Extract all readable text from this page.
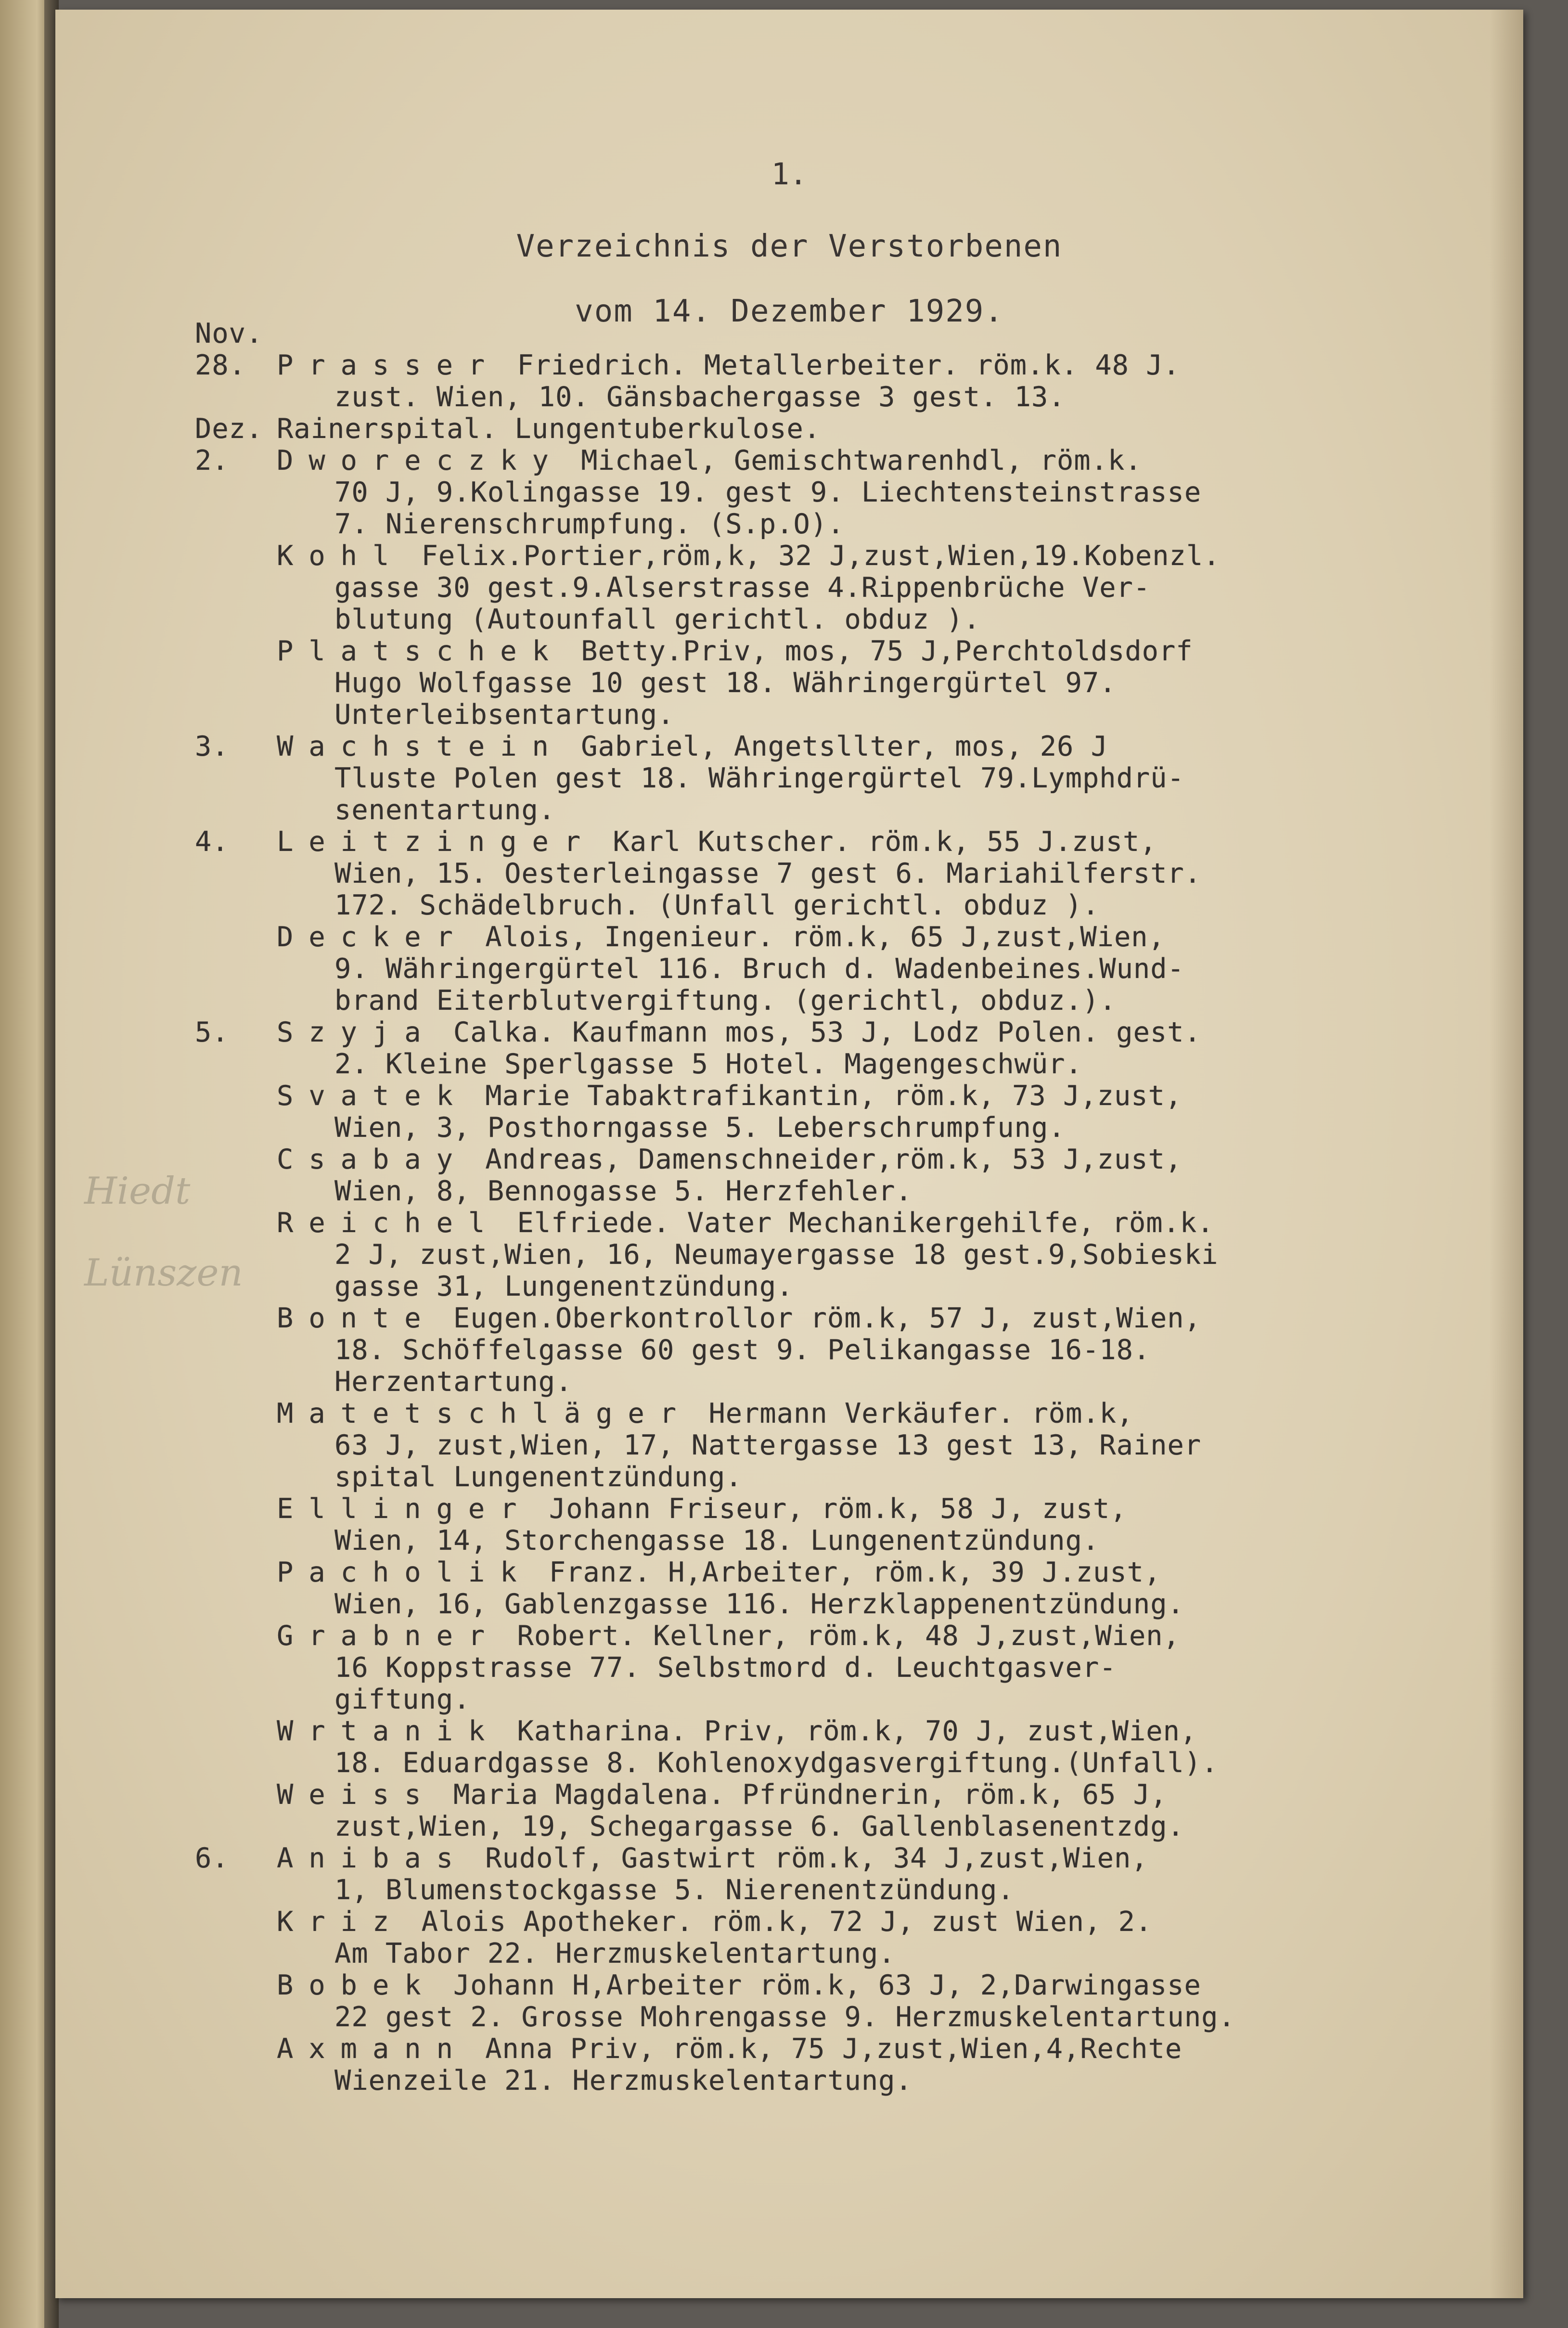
1.
Verzeichnis der Verstorbenen
vom 14. Dezember 1929.
Hiedt
Lünszen
Nov.
28. Prasser Friedrich. Metallerbeiter. röm.k. 48 J.
zust. Wien, 10. Gänsbachergasse 3 gest. 13.
Dez. Rainerspital. Lungentuberkulose.
2. Dworeczky Michael, Gemischtwarenhdl, röm.k.
70 J, 9.Kolingasse 19. gest 9. Liechtensteinstrasse
7. Nierenschrumpfung. (S.p.O).
Kohl Felix.Portier,röm,k, 32 J,zust,Wien,19.Kobenzl.
gasse 30 gest.9.Alserstrasse 4.Rippenbrüche Ver-
blutung (Autounfall gerichtl. obduz ).
Platschek Betty.Priv, mos, 75 J,Perchtoldsdorf
Hugo Wolfgasse 10 gest 18. Währingergürtel 97.
Unterleibsentartung.
3. Wachstein Gabriel, Angetsllter, mos, 26 J
Tluste Polen gest 18. Währingergürtel 79.Lymphdrü-
senentartung.
4. Leitzinger Karl Kutscher. röm.k, 55 J.zust,
Wien, 15. Oesterleingasse 7 gest 6. Mariahilferstr.
172. Schädelbruch. (Unfall gerichtl. obduz ).
Decker Alois, Ingenieur. röm.k, 65 J,zust,Wien,
9. Währingergürtel 116. Bruch d. Wadenbeines.Wund-
brand Eiterblutvergiftung. (gerichtl, obduz.).
5. Szyja Calka. Kaufmann mos, 53 J, Lodz Polen. gest.
2. Kleine Sperlgasse 5 Hotel. Magengeschwür.
Svatek Marie Tabaktrafikantin, röm.k, 73 J,zust,
Wien, 3, Posthorngasse 5. Leberschrumpfung.
Csabay Andreas, Damenschneider,röm.k, 53 J,zust,
Wien, 8, Bennogasse 5. Herzfehler.
Reichel Elfriede. Vater Mechanikergehilfe, röm.k.
2 J, zust,Wien, 16, Neumayergasse 18 gest.9,Sobieski
gasse 31, Lungenentzündung.
Bonte Eugen.Oberkontrollor röm.k, 57 J, zust,Wien,
18. Schöffelgasse 60 gest 9. Pelikangasse 16-18.
Herzentartung.
Matetschläger Hermann Verkäufer. röm.k,
63 J, zust,Wien, 17, Nattergasse 13 gest 13, Rainer
spital Lungenentzündung.
Ellinger Johann Friseur, röm.k, 58 J, zust,
Wien, 14, Storchengasse 18. Lungenentzündung.
Pacholik Franz. H,Arbeiter, röm.k, 39 J.zust,
Wien, 16, Gablenzgasse 116. Herzklappenentzündung.
Grabner Robert. Kellner, röm.k, 48 J,zust,Wien,
16 Koppstrasse 77. Selbstmord d. Leuchtgasver-
giftung.
Wrtanik Katharina. Priv, röm.k, 70 J, zust,Wien,
18. Eduardgasse 8. Kohlenoxydgasvergiftung.(Unfall).
Weiss Maria Magdalena. Pfründnerin, röm.k, 65 J,
zust,Wien, 19, Schegargasse 6. Gallenblasenentzdg.
6. Anibas Rudolf, Gastwirt röm.k, 34 J,zust,Wien,
1, Blumenstockgasse 5. Nierenentzündung.
Kriz Alois Apotheker. röm.k, 72 J, zust Wien, 2.
Am Tabor 22. Herzmuskelentartung.
Bobek Johann H,Arbeiter röm.k, 63 J, 2,Darwingasse
22 gest 2. Grosse Mohrengasse 9. Herzmuskelentartung.
Axmann Anna Priv, röm.k, 75 J,zust,Wien,4,Rechte
Wienzeile 21. Herzmuskelentartung.
